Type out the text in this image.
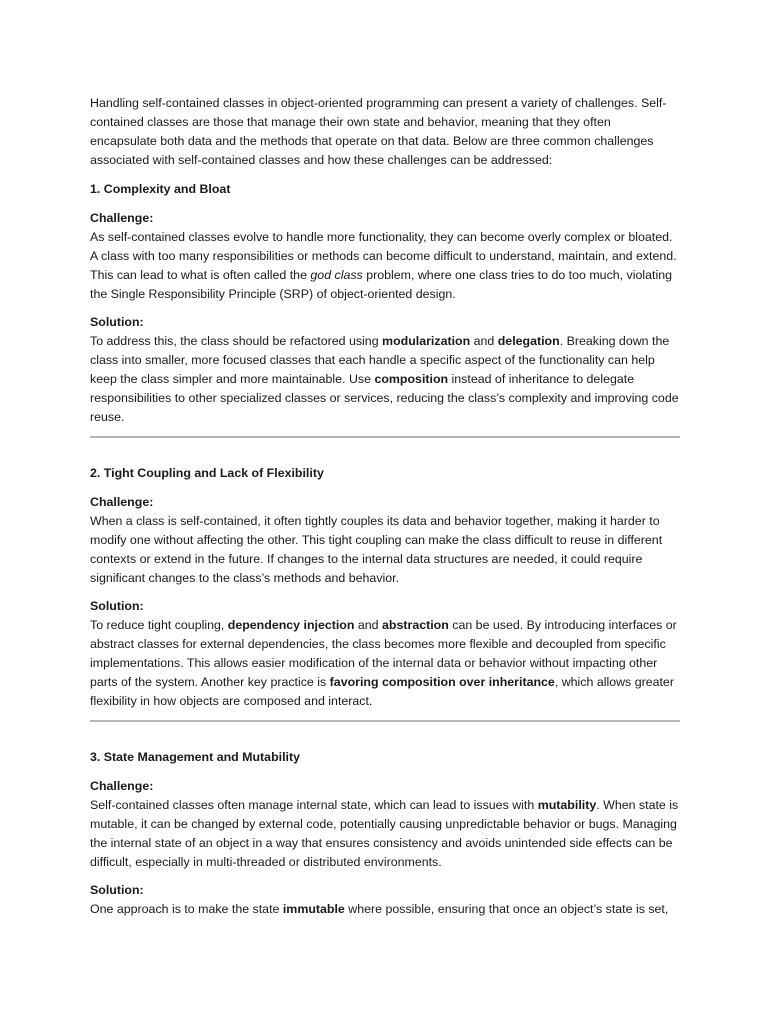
Handling self-contained classes in object-oriented programming can present a variety of challenges. Self-contained classes are those that manage their own state and behavior, meaning that they often encapsulate both data and the methods that operate on that data. Below are three common challenges associated with self-contained classes and how these challenges can be addressed:

1. Complexity and Bloat

Challenge:

As self-contained classes evolve to handle more functionality, they can become overly complex or bloated. A class with too many responsibilities or methods can become difficult to understand, maintain, and extend. This can lead to what is often called the god class problem, where one class tries to do too much, violating the Single Responsibility Principle (SRP) of object-oriented design.

Solution:

To address this, the class should be refactored using modularization and delegation. Breaking down the class into smaller, more focused classes that each handle a specific aspect of the functionality can help keep the class simpler and more maintainable. Use composition instead of inheritance to delegate responsibilities to other specialized classes or services, reducing the class’s complexity and improving code reuse.

2. Tight Coupling and Lack of Flexibility

Challenge:

When a class is self-contained, it often tightly couples its data and behavior together, making it harder to modify one without affecting the other. This tight coupling can make the class difficult to reuse in different contexts or extend in the future. If changes to the internal data structures are needed, it could require significant changes to the class’s methods and behavior.

Solution:

To reduce tight coupling, dependency injection and abstraction can be used. By introducing interfaces or abstract classes for external dependencies, the class becomes more flexible and decoupled from specific implementations. This allows easier modification of the internal data or behavior without impacting other parts of the system. Another key practice is favoring composition over inheritance, which allows greater flexibility in how objects are composed and interact.

3. State Management and Mutability

Challenge:

Self-contained classes often manage internal state, which can lead to issues with mutability. When state is mutable, it can be changed by external code, potentially causing unpredictable behavior or bugs. Managing the internal state of an object in a way that ensures consistency and avoids unintended side effects can be difficult, especially in multi-threaded or distributed environments.

Solution:

One approach is to make the state immutable where possible, ensuring that once an object’s state is set,
